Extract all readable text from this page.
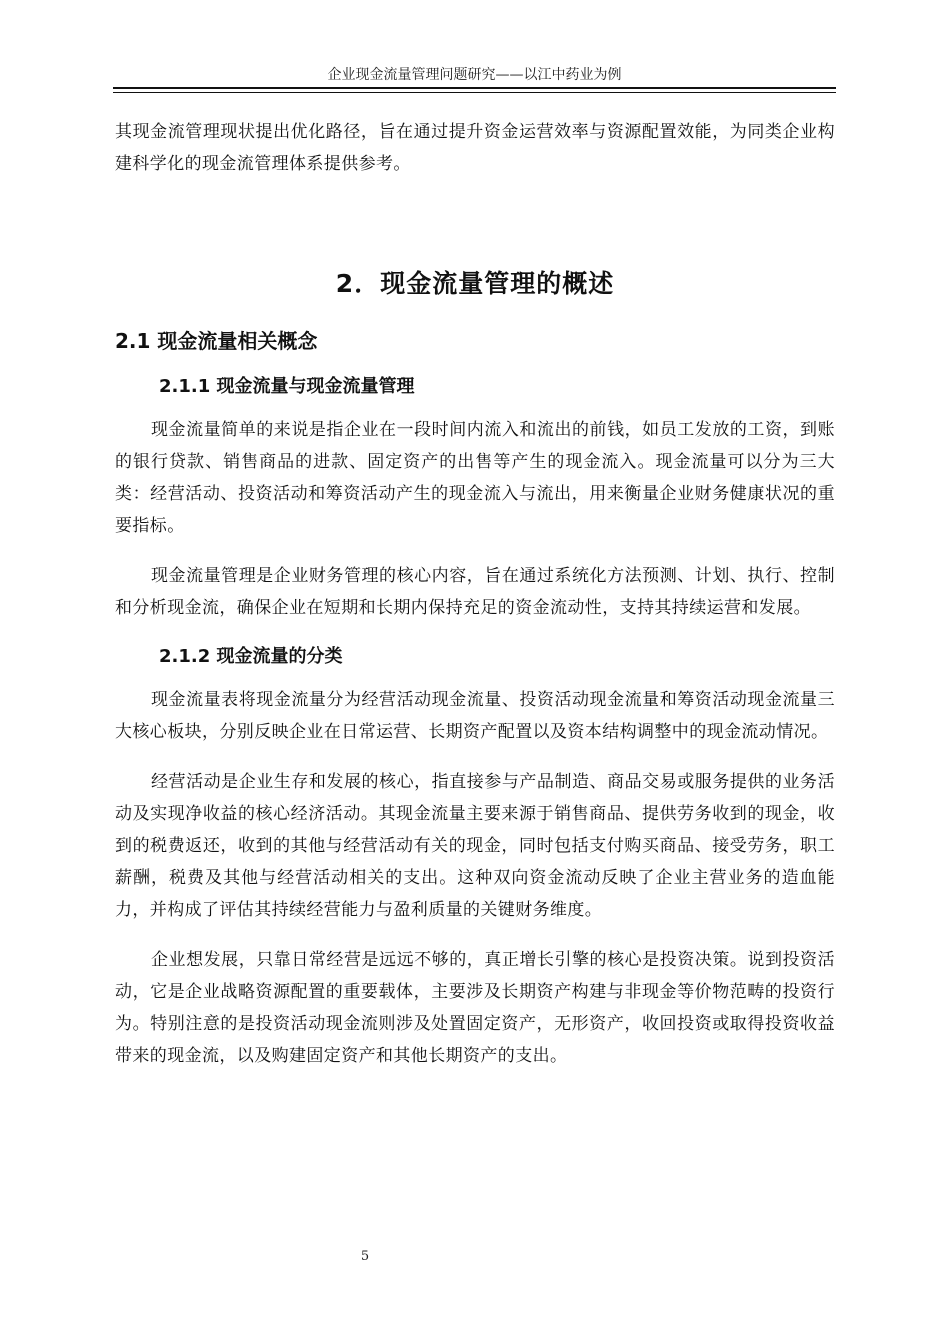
企业现金流量管理问题研究——以江中药业为例

其现金流管理现状提出优化路径，旨在通过提升资金运营效率与资源配置效能，为同类企业构建科学化的现金流管理体系提供参考。

2．现金流量管理的概述
2.1 现金流量相关概念
2.1.1 现金流量与现金流量管理

现金流量简单的来说是指企业在一段时间内流入和流出的前钱，如员工发放的工资，到账的银行贷款、销售商品的进款、固定资产的出售等产生的现金流入。现金流量可以分为三大类：经营活动、投资活动和筹资活动产生的现金流入与流出，用来衡量企业财务健康状况的重要指标。

现金流量管理是企业财务管理的核心内容，旨在通过系统化方法预测、计划、执行、控制和分析现金流，确保企业在短期和长期内保持充足的资金流动性，支持其持续运营和发展。

2.1.2 现金流量的分类

现金流量表将现金流量分为经营活动现金流量、投资活动现金流量和筹资活动现金流量三大核心板块，分别反映企业在日常运营、长期资产配置以及资本结构调整中的现金流动情况。

经营活动是企业生存和发展的核心，指直接参与产品制造、商品交易或服务提供的业务活动及实现净收益的核心经济活动。其现金流量主要来源于销售商品、提供劳务收到的现金，收到的税费返还，收到的其他与经营活动有关的现金，同时包括支付购买商品、接受劳务，职工薪酬，税费及其他与经营活动相关的支出。这种双向资金流动反映了企业主营业务的造血能力，并构成了评估其持续经营能力与盈利质量的关键财务维度。

企业想发展，只靠日常经营是远远不够的，真正增长引擎的核心是投资决策。说到投资活动，它是企业战略资源配置的重要载体，主要涉及长期资产构建与非现金等价物范畴的投资行为。特别注意的是投资活动现金流则涉及处置固定资产，无形资产，收回投资或取得投资收益带来的现金流，以及购建固定资产和其他长期资产的支出。

5
